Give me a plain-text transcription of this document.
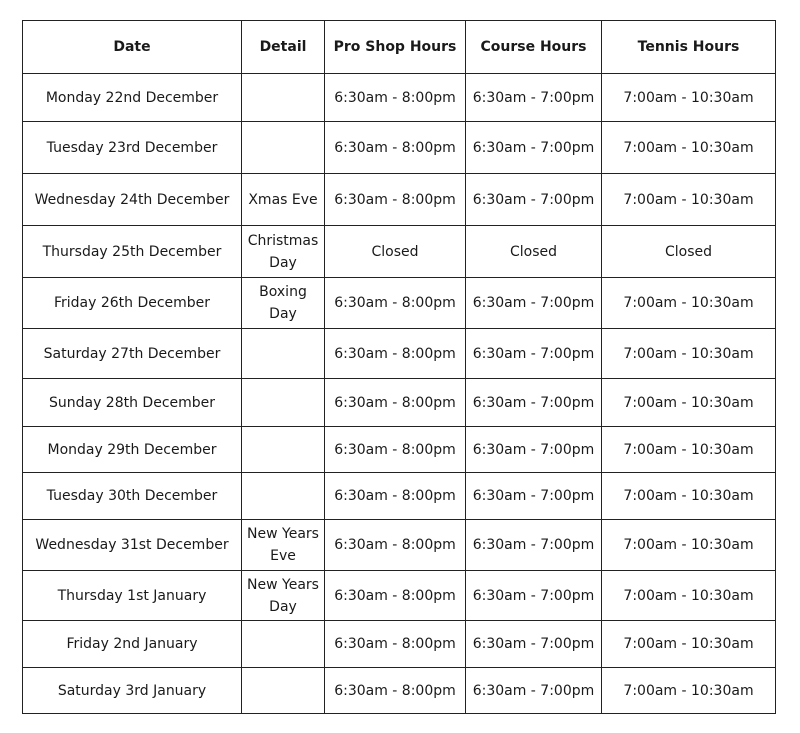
Date	Detail	Pro Shop Hours	Course Hours	Tennis Hours
Monday 22nd December		6:30am - 8:00pm	6:30am - 7:00pm	7:00am - 10:30am
Tuesday 23rd December		6:30am - 8:00pm	6:30am - 7:00pm	7:00am - 10:30am
Wednesday 24th December	Xmas Eve	6:30am - 8:00pm	6:30am - 7:00pm	7:00am - 10:30am
Thursday 25th December	Christmas Day	Closed	Closed	Closed
Friday 26th December	Boxing Day	6:30am - 8:00pm	6:30am - 7:00pm	7:00am - 10:30am
Saturday 27th December		6:30am - 8:00pm	6:30am - 7:00pm	7:00am - 10:30am
Sunday 28th December		6:30am - 8:00pm	6:30am - 7:00pm	7:00am - 10:30am
Monday 29th December		6:30am - 8:00pm	6:30am - 7:00pm	7:00am - 10:30am
Tuesday 30th December		6:30am - 8:00pm	6:30am - 7:00pm	7:00am - 10:30am
Wednesday 31st December	New Years Eve	6:30am - 8:00pm	6:30am - 7:00pm	7:00am - 10:30am
Thursday 1st January	New Years Day	6:30am - 8:00pm	6:30am - 7:00pm	7:00am - 10:30am
Friday 2nd January		6:30am - 8:00pm	6:30am - 7:00pm	7:00am - 10:30am
Saturday 3rd January		6:30am - 8:00pm	6:30am - 7:00pm	7:00am - 10:30am
